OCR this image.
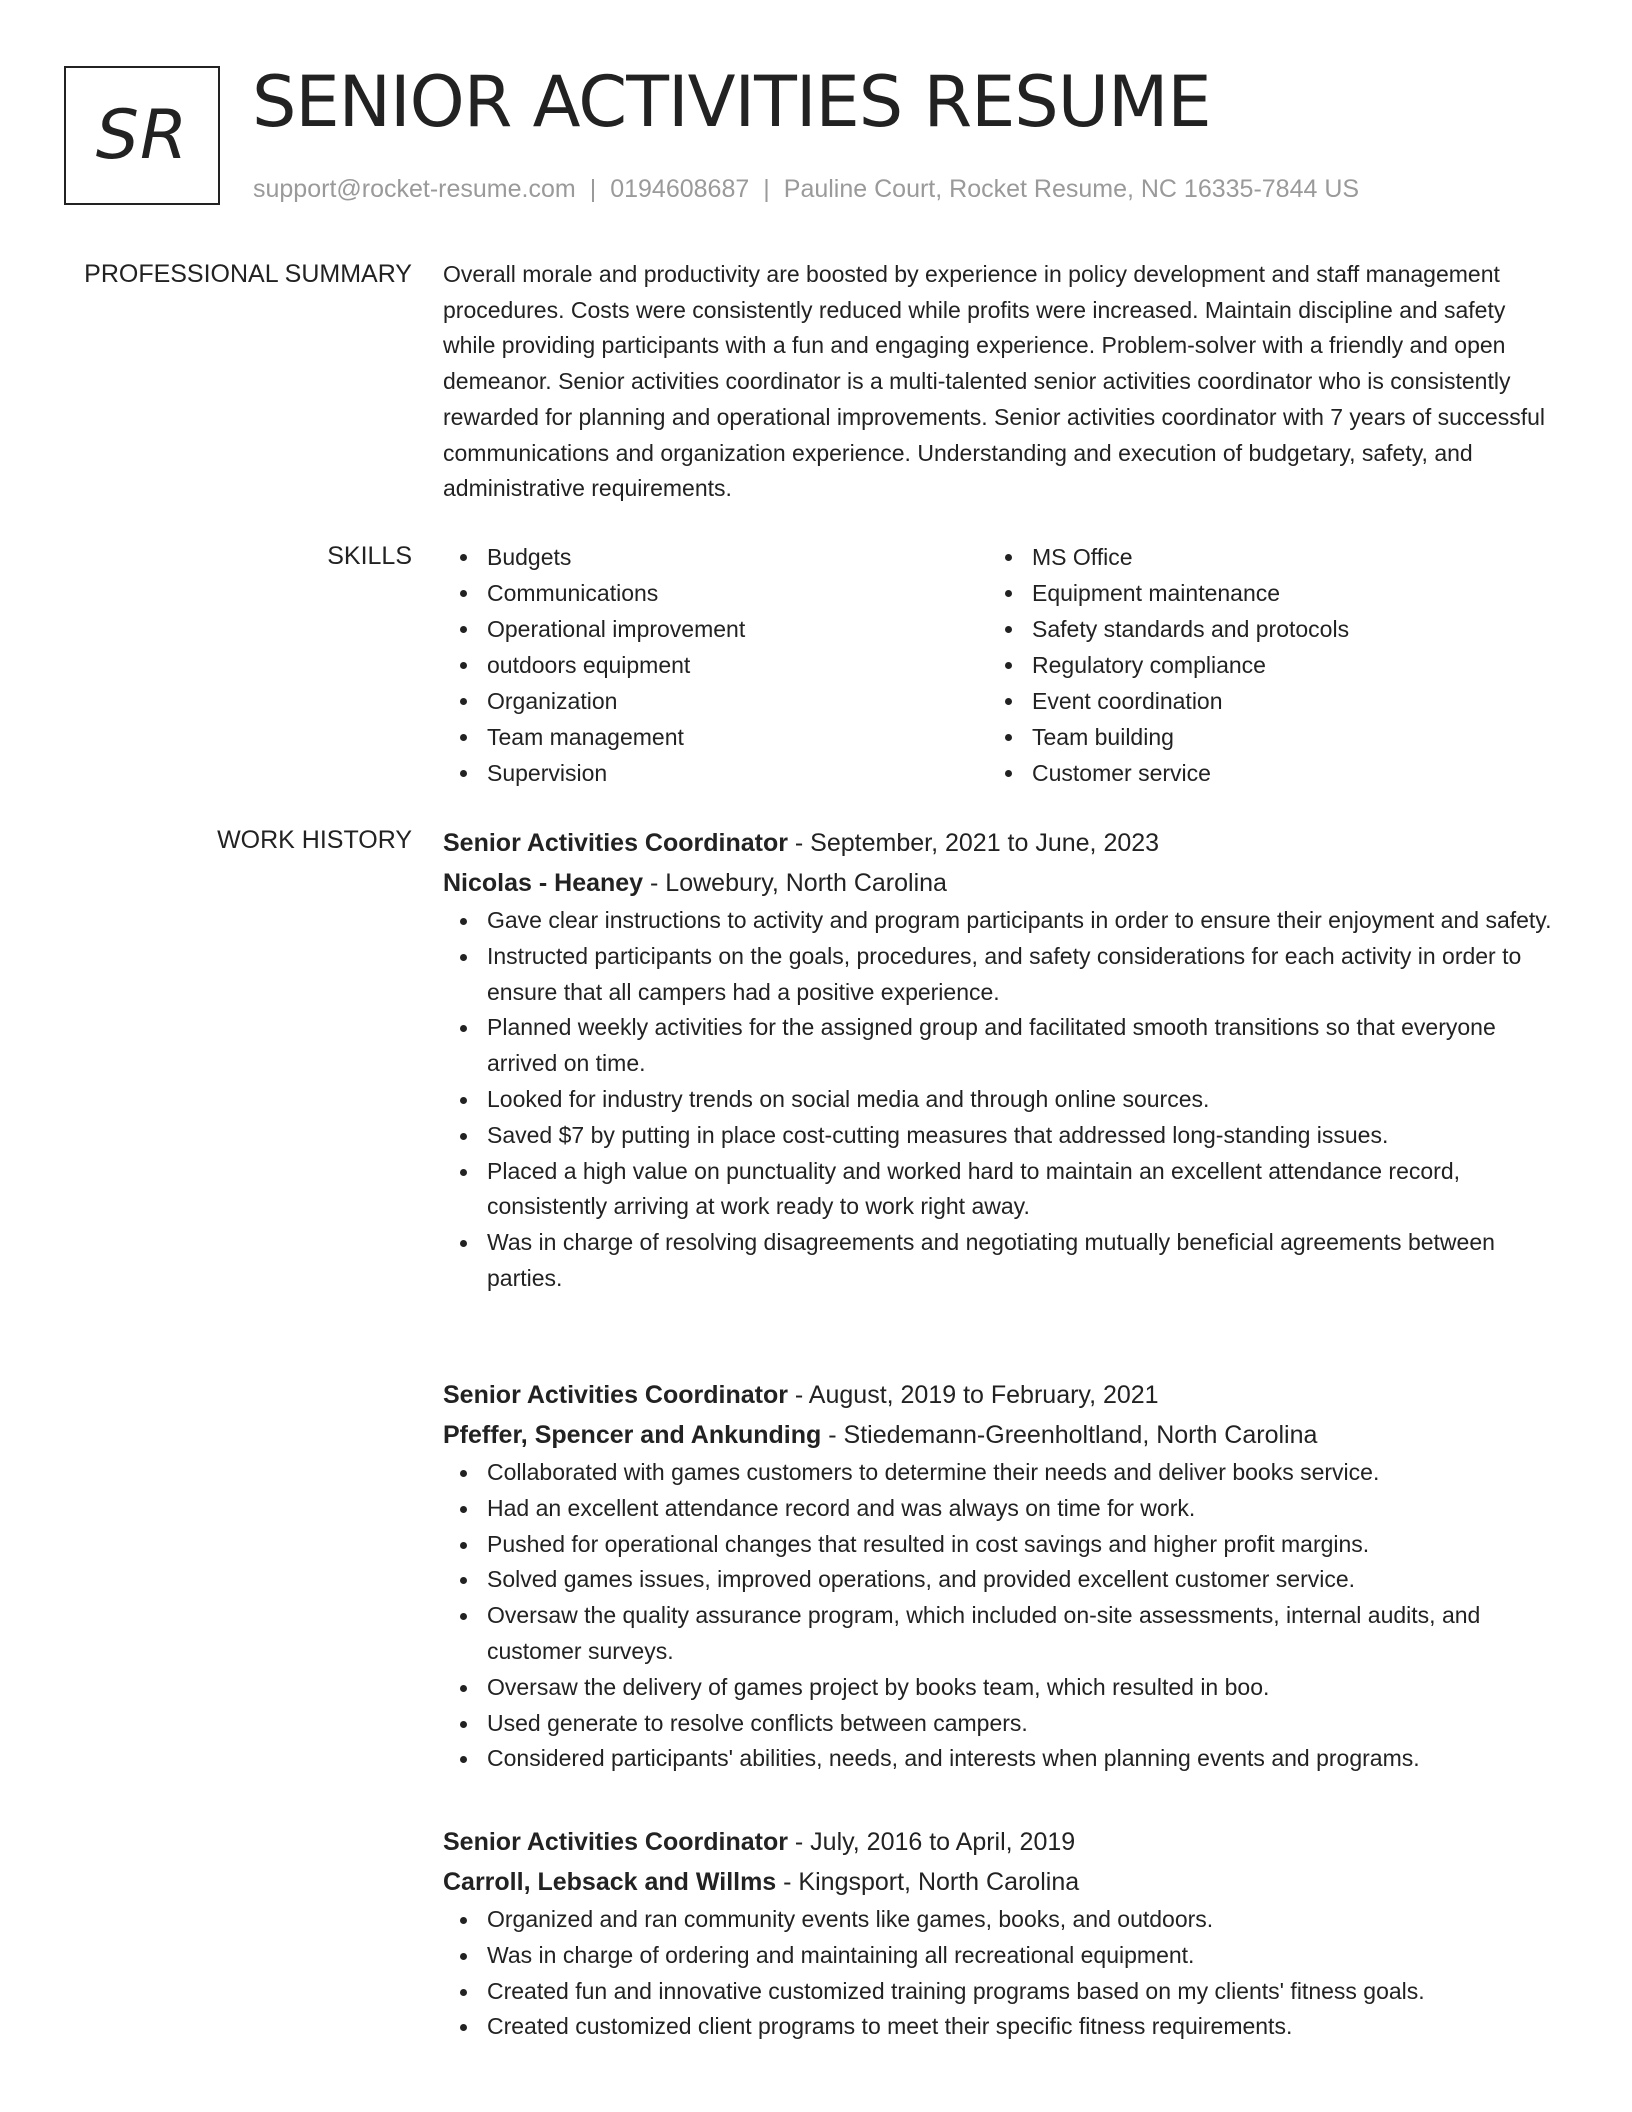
SR SENIOR ACTIVITIES RESUME
support@rocket-resume.com | 0194608687 | Pauline Court, Rocket Resume, NC 16335-7844 US
PROFESSIONAL SUMMARY Overall morale and productivity are boosted by experience in policy development and staff management procedures. Costs were consistently reduced while profits were increased. Maintain discipline and safety while providing participants with a fun and engaging experience. Problem-solver with a friendly and open demeanor. Senior activities coordinator is a multi-talented senior activities coordinator who is consistently rewarded for planning and operational improvements. Senior activities coordinator with 7 years of successful communications and organization experience. Understanding and execution of budgetary, safety, and administrative requirements.

SKILLS	Budgets
Communications
Operational improvement
outdoors equipment
Organization
Team management
Supervision
MS Office
Equipment maintenance
Safety standards and protocols
Regulatory compliance
Event coordination
Team building
Customer service
WORK HISTORY Senior Activities Coordinator - September, 2021 to June, 2023
Nicolas - Heaney - Lowebury, North Carolina
Gave clear instructions to activity and program participants in order to ensure their enjoyment and safety.
Instructed participants on the goals, procedures, and safety considerations for each activity in order to ensure that all campers had a positive experience.
Planned weekly activities for the assigned group and facilitated smooth transitions so that everyone arrived on time.
Looked for industry trends on social media and through online sources.
Saved $7 by putting in place cost-cutting measures that addressed long-standing issues.
Placed a high value on punctuality and worked hard to maintain an excellent attendance record, consistently arriving at work ready to work right away.
Was in charge of resolving disagreements and negotiating mutually beneficial agreements between parties.
Senior Activities Coordinator - August, 2019 to February, 2021
Pfeffer, Spencer and Ankunding - Stiedemann-Greenholtland, North Carolina
Collaborated with games customers to determine their needs and deliver books service.
Had an excellent attendance record and was always on time for work.
Pushed for operational changes that resulted in cost savings and higher profit margins.
Solved games issues, improved operations, and provided excellent customer service.
Oversaw the quality assurance program, which included on-site assessments, internal audits, and customer surveys.
Oversaw the delivery of games project by books team, which resulted in boo.
Used generate to resolve conflicts between campers.
Considered participants' abilities, needs, and interests when planning events and programs.
Senior Activities Coordinator - July, 2016 to April, 2019
Carroll, Lebsack and Willms - Kingsport, North Carolina
Organized and ran community events like games, books, and outdoors.
Was in charge of ordering and maintaining all recreational equipment.
Created fun and innovative customized training programs based on my clients' fitness goals.
Created customized client programs to meet their specific fitness requirements.
